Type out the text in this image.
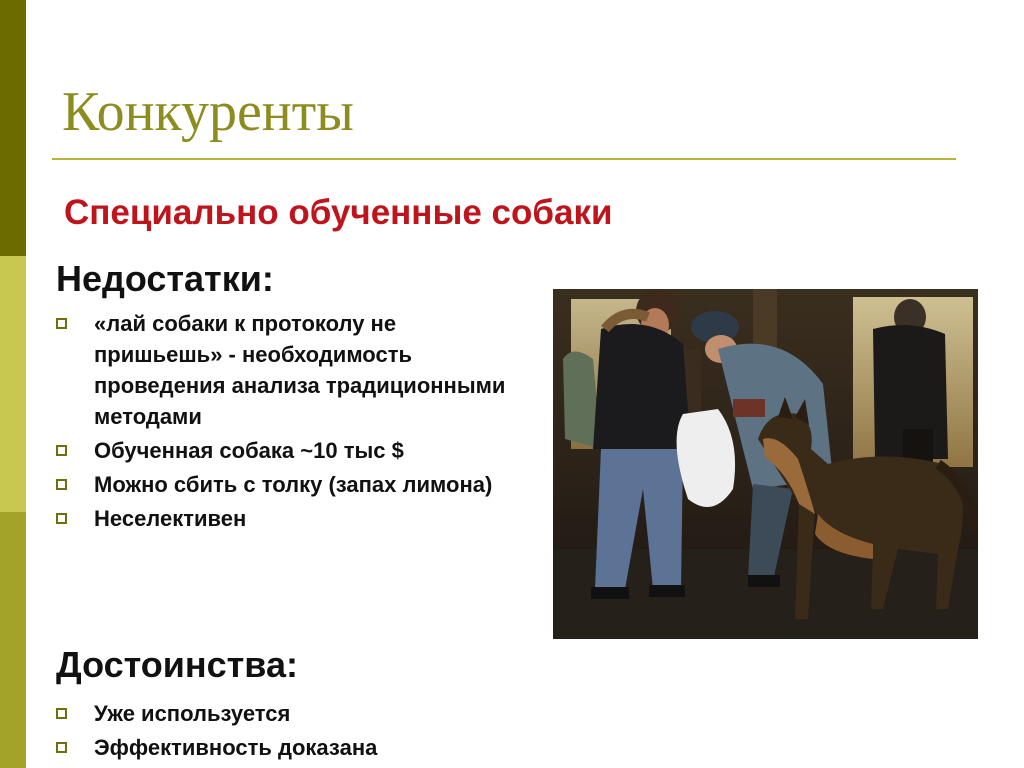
Конкуренты
Специально обученные собаки
Недостатки:
«лай собаки к протоколу не пришьешь» - необходимость проведения анализа традиционными методами
Обученная собака ~10 тыс $
Можно сбить с толку (запах лимона)
Неселективен
Достоинства:
Уже используется
Эффективность доказана
